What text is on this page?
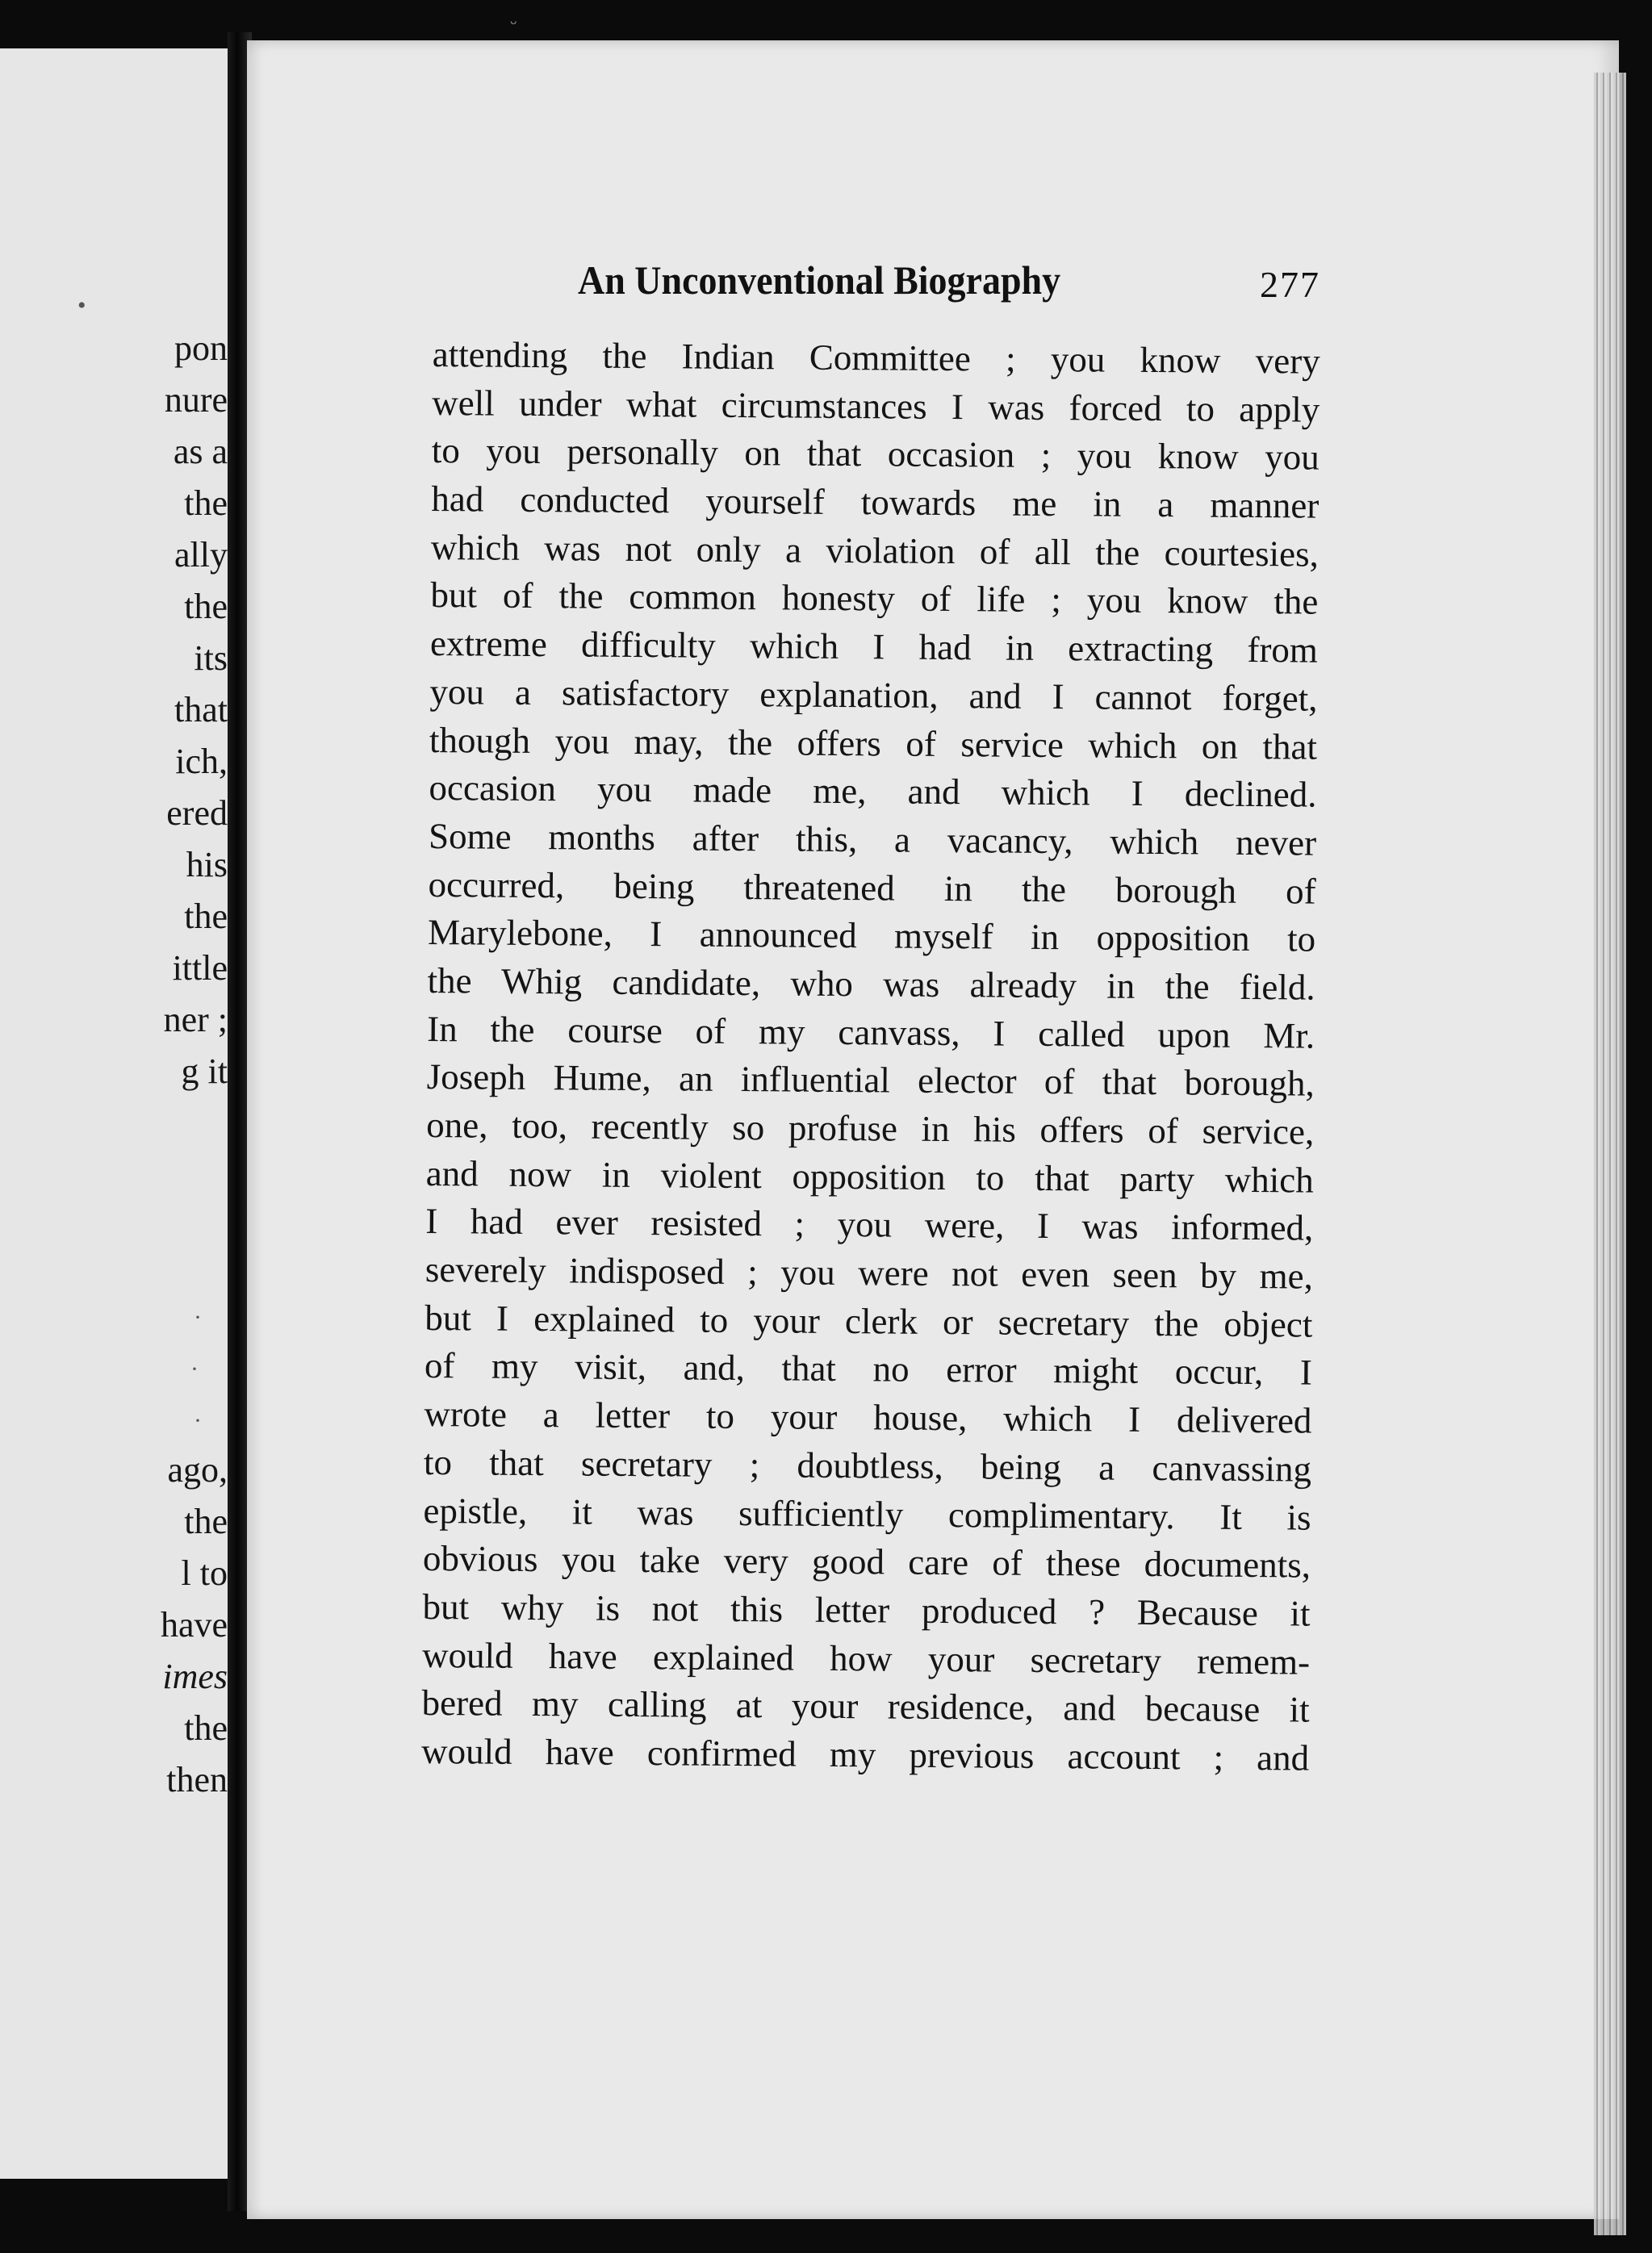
ᵕ
•
pon
nure
as a
the
ally
the
its
that
ich,
ered
his
the
ittle
ner ;
g it
·
·
·
ago,
the
l to
have
imes
the
then
An Unconventional Biography	277
attending the Indian Committee ; you know very
well under what circumstances I was forced to apply
to you personally on that occasion ; you know you
had conducted yourself towards me in a manner
which was not only a violation of all the courtesies,
but of the common honesty of life ; you know the
extreme difficulty which I had in extracting from
you a satisfactory explanation, and I cannot forget,
though you may, the offers of service which on that
occasion you made me, and which I declined.
Some months after this, a vacancy, which never
occurred, being threatened in the borough of
Marylebone, I announced myself in opposition to
the Whig candidate, who was already in the field.
In the course of my canvass, I called upon Mr.
Joseph Hume, an influential elector of that borough,
one, too, recently so profuse in his offers of service,
and now in violent opposition to that party which
I had ever resisted ; you were, I was informed,
severely indisposed ; you were not even seen by me,
but I explained to your clerk or secretary the object
of my visit, and, that no error might occur, I
wrote a letter to your house, which I delivered
to that secretary ; doubtless, being a canvassing
epistle, it was sufficiently complimentary. It is
obvious you take very good care of these documents,
but why is not this letter produced ? Because it
would have explained how your secretary remem-
bered my calling at your residence, and because it
would have confirmed my previous account ; and
